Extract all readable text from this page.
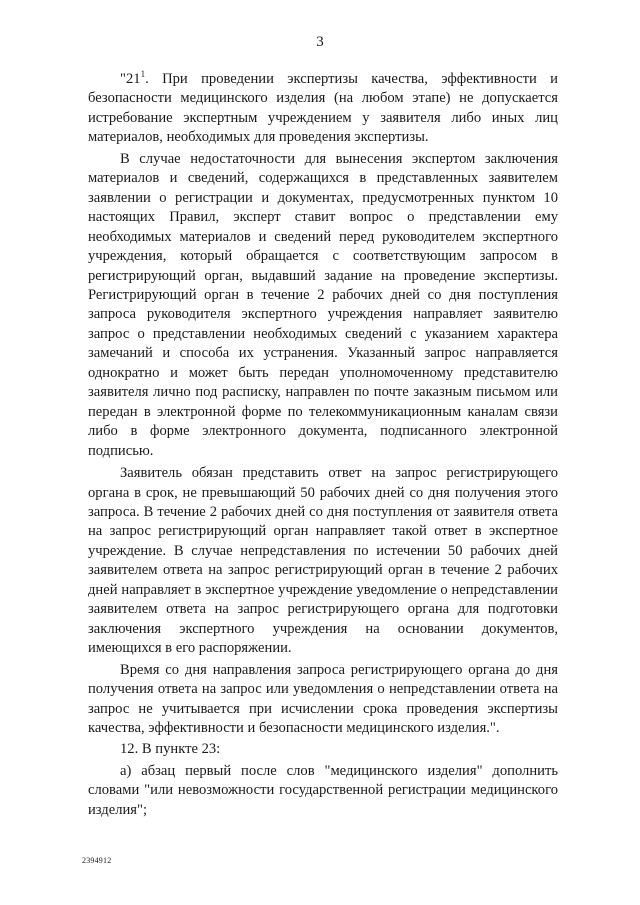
3

"$21^1$. При проведении экспертизы качества, эффективности и безопасности медицинского изделия (на любом этапе) не допускается истребование экспертным учреждением у заявителя либо иных лиц материалов, необходимых для проведения экспертизы.

В случае недостаточности для вынесения экспертом заключения материалов и сведений, содержащихся в представленных заявителем заявлении о регистрации и документах, предусмотренных пунктом 10 настоящих Правил, эксперт ставит вопрос о представлении ему необходимых материалов и сведений перед руководителем экспертного учреждения, который обращается с соответствующим запросом в регистрирующий орган, выдавший задание на проведение экспертизы. Регистрирующий орган в течение 2 рабочих дней со дня поступления запроса руководителя экспертного учреждения направляет заявителю запрос о представлении необходимых сведений с указанием характера замечаний и способа их устранения. Указанный запрос направляется однократно и может быть передан уполномоченному представителю заявителя лично под расписку, направлен по почте заказным письмом или передан в электронной форме по телекоммуникационным каналам связи либо в форме электронного документа, подписанного электронной подписью.

Заявитель обязан представить ответ на запрос регистрирующего органа в срок, не превышающий 50 рабочих дней со дня получения этого запроса. В течение 2 рабочих дней со дня поступления от заявителя ответа на запрос регистрирующий орган направляет такой ответ в экспертное учреждение. В случае непредставления по истечении 50 рабочих дней заявителем ответа на запрос регистрирующий орган в течение 2 рабочих дней направляет в экспертное учреждение уведомление о непредставлении заявителем ответа на запрос регистрирующего органа для подготовки заключения экспертного учреждения на основании документов, имеющихся в его распоряжении.

Время со дня направления запроса регистрирующего органа до дня получения ответа на запрос или уведомления о непредставлении ответа на запрос не учитывается при исчислении срока проведения экспертизы качества, эффективности и безопасности медицинского изделия.".

12. В пункте 23:

а) абзац первый после слов "медицинского изделия" дополнить словами "или невозможности государственной регистрации медицинского изделия";

2394912
